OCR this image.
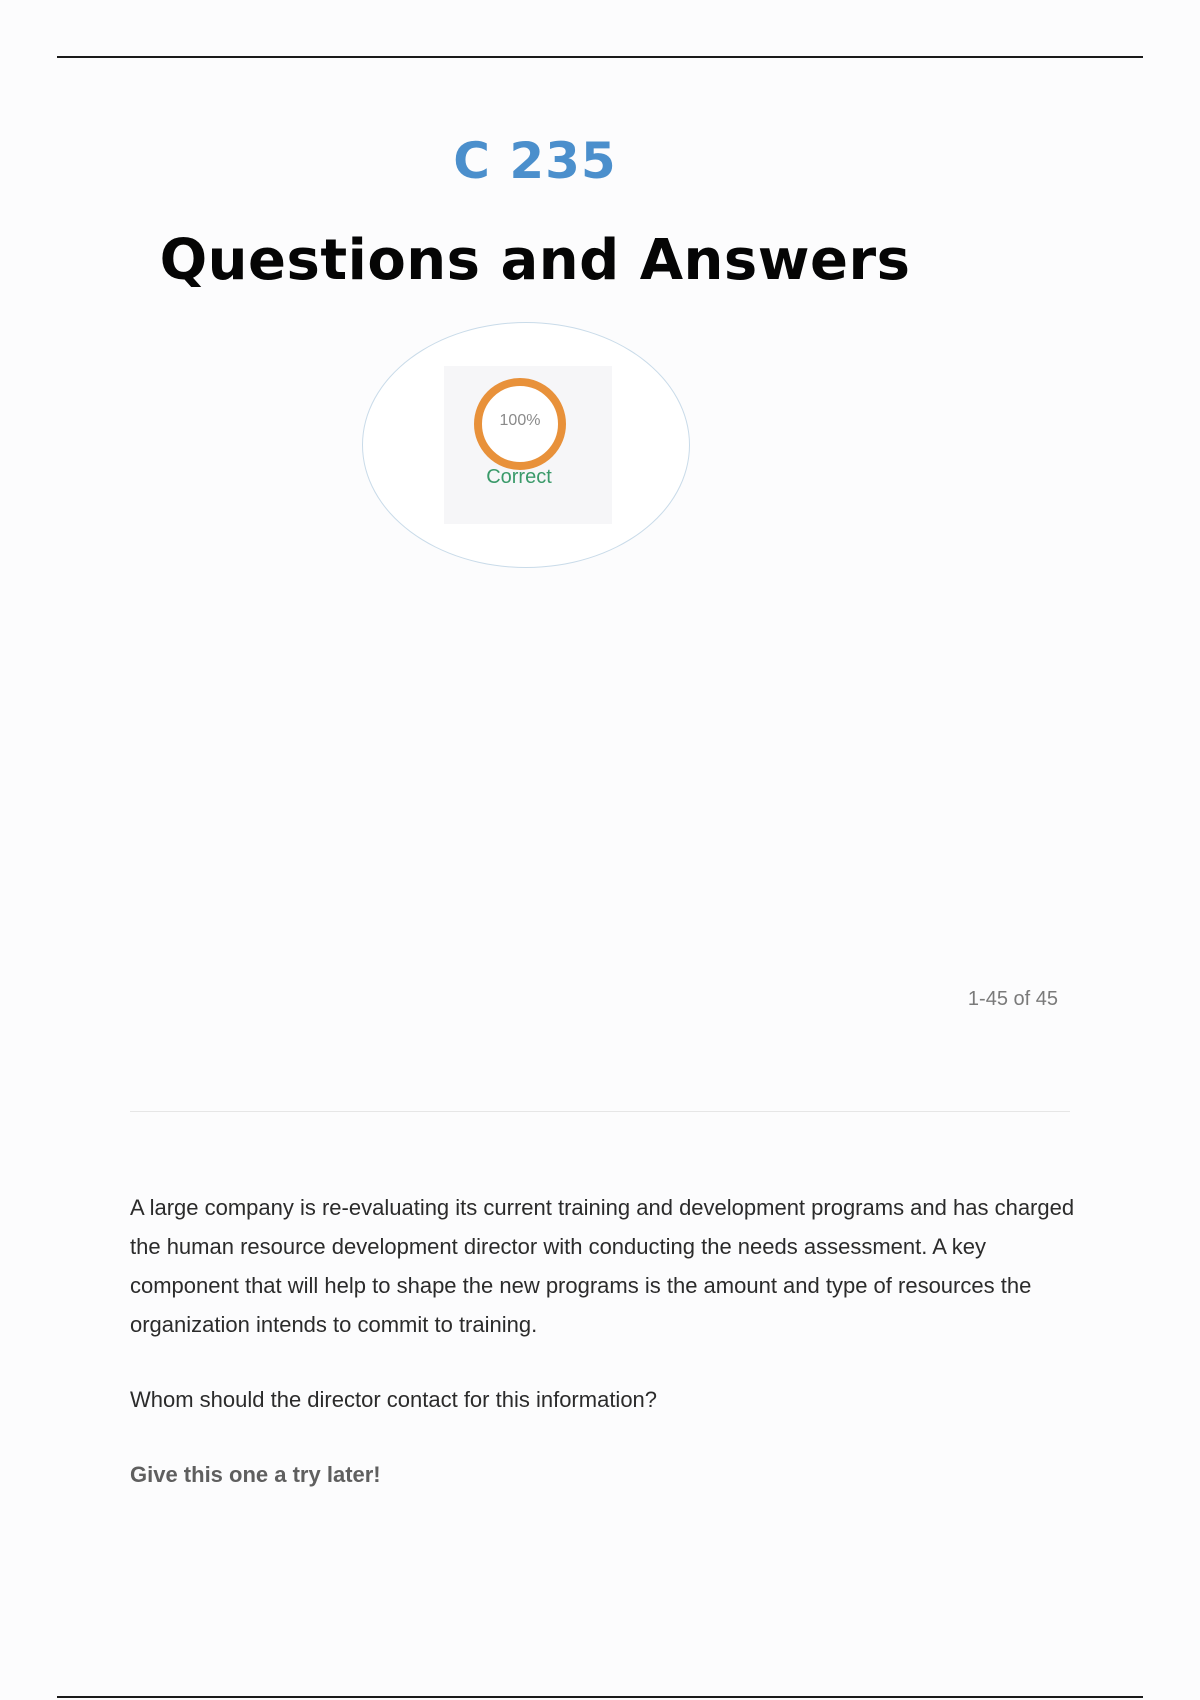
C 235
Questions and Answers
100%
Correct
1-45 of 45

A large company is re-evaluating its current training and development programs and has charged the human resource development director with conducting the needs assessment. A key component that will help to shape the new programs is the amount and type of resources the organization intends to commit to training.

Whom should the director contact for this information?

Give this one a try later!
